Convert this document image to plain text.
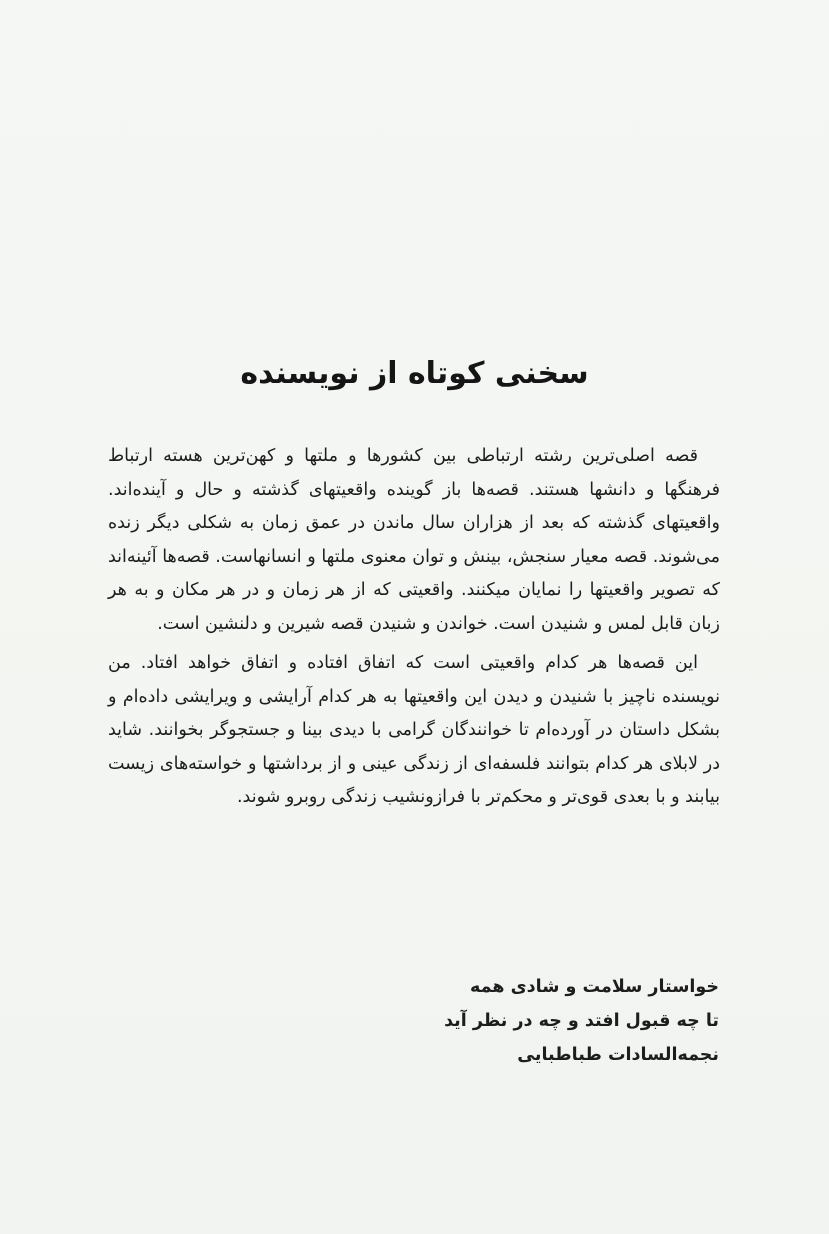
سخنی کوتاه از نویسنده

قصه اصلی‌ترین رشته ارتباطی بین کشورها و ملتها و کهن‌ترین هسته ارتباط فرهنگها و دانشها هستند. قصه‌ها باز گوینده واقعیتهای گذشته و حال و آینده‌اند. واقعیتهای گذشته که بعد از هزاران سال ماندن در عمق زمان به شکلی دیگر زنده می‌شوند. قصه معیار سنجش، بینش و توان معنوی ملتها و انسانهاست. قصه‌ها آئینه‌اند که تصویر واقعیتها را نمایان میکنند. واقعیتی که از هر زمان و در هر مکان و به هر زبان قابل لمس و شنیدن است. خواندن و شنیدن قصه شیرین و دلنشین است.

این قصه‌ها هر کدام واقعیتی است که اتفاق افتاده و اتفاق خواهد افتاد. من نویسنده ناچیز با شنیدن و دیدن این واقعیتها به هر کدام آرایشی و ویرایشی داده‌ام و بشکل داستان در آورده‌ام تا خوانندگان گرامی با دیدی بینا و جستجوگر بخوانند. شاید در لابلای هر کدام بتوانند فلسفه‌ای از زندگی عینی و از برداشتها و خواسته‌های زیست بیابند و با بعدی قوی‌تر و محکم‌تر با فرازونشیب زندگی روبرو شوند.

خواستار سلامت و شادی همه
تا چه قبول افتد و چه در نظر آید
نجمه‌السادات طباطبایی
